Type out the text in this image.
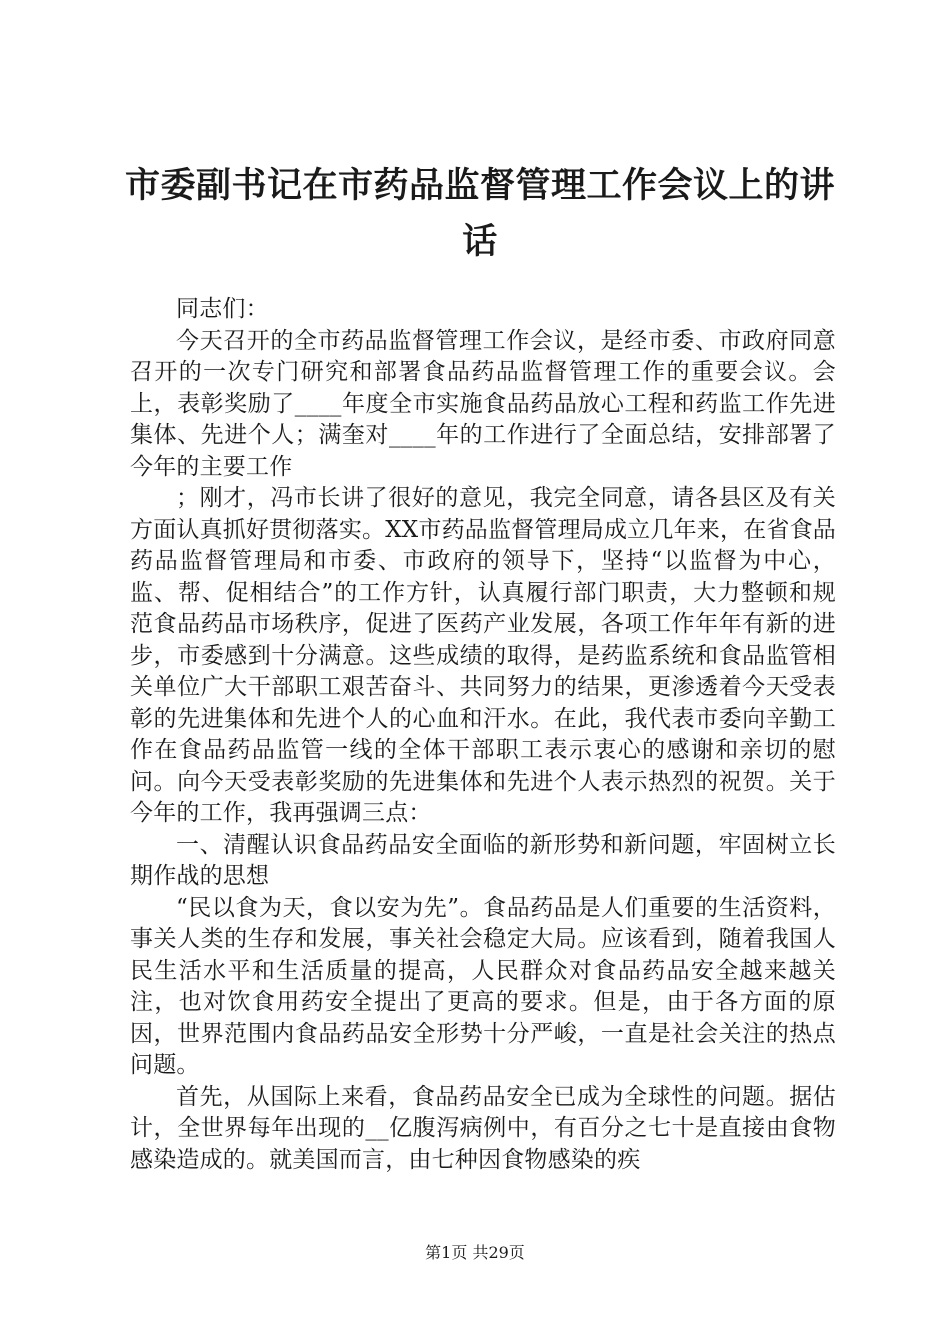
市委副书记在市药品监督管理工作会议上的讲话

同志们：

今天召开的全市药品监督管理工作会议，是经市委、市政府同意召开的一次专门研究和部署食品药品监督管理工作的重要会议。会上，表彰奖励了____年度全市实施食品药品放心工程和药监工作先进集体、先进个人；满奎对____年的工作进行了全面总结，安排部署了今年的主要工作

；刚才，冯市长讲了很好的意见，我完全同意，请各县区及有关方面认真抓好贯彻落实。XX市药品监督管理局成立几年来，在省食品药品监督管理局和市委、市政府的领导下，坚持“以监督为中心，监、帮、促相结合”的工作方针，认真履行部门职责，大力整顿和规范食品药品市场秩序，促进了医药产业发展，各项工作年年有新的进步，市委感到十分满意。这些成绩的取得，是药监系统和食品监管相关单位广大干部职工艰苦奋斗、共同努力的结果，更渗透着今天受表彰的先进集体和先进个人的心血和汗水。在此，我代表市委向辛勤工作在食品药品监管一线的全体干部职工表示衷心的感谢和亲切的慰问。向今天受表彰奖励的先进集体和先进个人表示热烈的祝贺。关于今年的工作，我再强调三点：

一、清醒认识食品药品安全面临的新形势和新问题，牢固树立长期作战的思想

“民以食为天，食以安为先”。食品药品是人们重要的生活资料，事关人类的生存和发展，事关社会稳定大局。应该看到，随着我国人民生活水平和生活质量的提高，人民群众对食品药品安全越来越关注，也对饮食用药安全提出了更高的要求。但是，由于各方面的原因，世界范围内食品药品安全形势十分严峻，一直是社会关注的热点问题。

首先，从国际上来看，食品药品安全已成为全球性的问题。据估计，全世界每年出现的__亿腹泻病例中，有百分之七十是直接由食物感染造成的。就美国而言，由七种因食物感染的疾

第1页 共29页
